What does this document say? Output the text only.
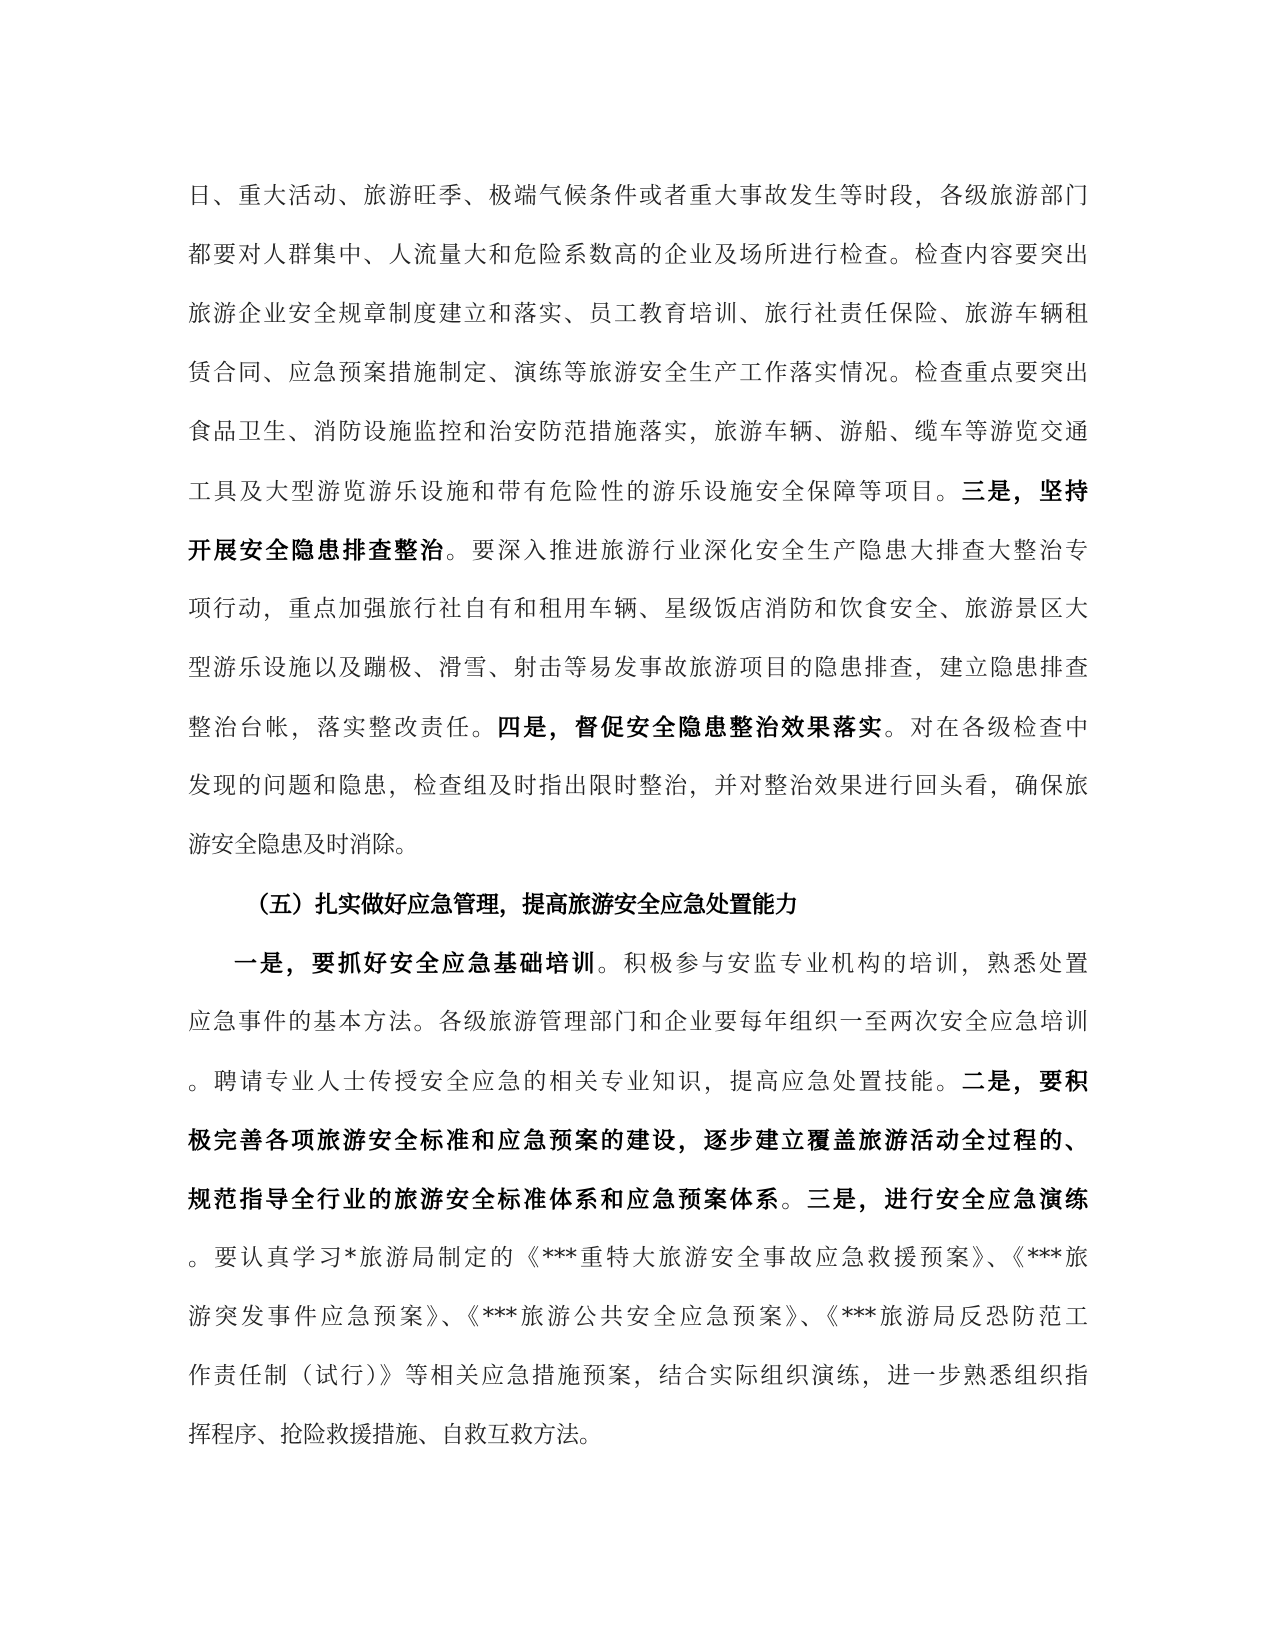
日、重大活动、旅游旺季、极端气候条件或者重大事故发生等时段，各级旅游部门
都要对人群集中、人流量大和危险系数高的企业及场所进行检查。检查内容要突出
旅游企业安全规章制度建立和落实、员工教育培训、旅行社责任保险、旅游车辆租
赁合同、应急预案措施制定、演练等旅游安全生产工作落实情况。检查重点要突出
食品卫生、消防设施监控和治安防范措施落实，旅游车辆、游船、缆车等游览交通
工具及大型游览游乐设施和带有危险性的游乐设施安全保障等项目。三是，坚持
开展安全隐患排查整治。要深入推进旅游行业深化安全生产隐患大排查大整治专
项行动，重点加强旅行社自有和租用车辆、星级饭店消防和饮食安全、旅游景区大
型游乐设施以及蹦极、滑雪、射击等易发事故旅游项目的隐患排查，建立隐患排查
整治台帐，落实整改责任。四是，督促安全隐患整治效果落实。对在各级检查中
发现的问题和隐患，检查组及时指出限时整治，并对整治效果进行回头看，确保旅
游安全隐患及时消除。
（五）扎实做好应急管理，提高旅游安全应急处置能力
一是，要抓好安全应急基础培训。积极参与安监专业机构的培训，熟悉处置
应急事件的基本方法。各级旅游管理部门和企业要每年组织一至两次安全应急培训
。聘请专业人士传授安全应急的相关专业知识，提高应急处置技能。二是，要积
极完善各项旅游安全标准和应急预案的建设，逐步建立覆盖旅游活动全过程的、
规范指导全行业的旅游安全标准体系和应急预案体系。三是，进行安全应急演练
。要认真学习*旅游局制定的《***重特大旅游安全事故应急救援预案》、《***旅
游突发事件应急预案》、《***旅游公共安全应急预案》、《***旅游局反恐防范工
作责任制（试行）》等相关应急措施预案，结合实际组织演练，进一步熟悉组织指
挥程序、抢险救援措施、自救互救方法。
